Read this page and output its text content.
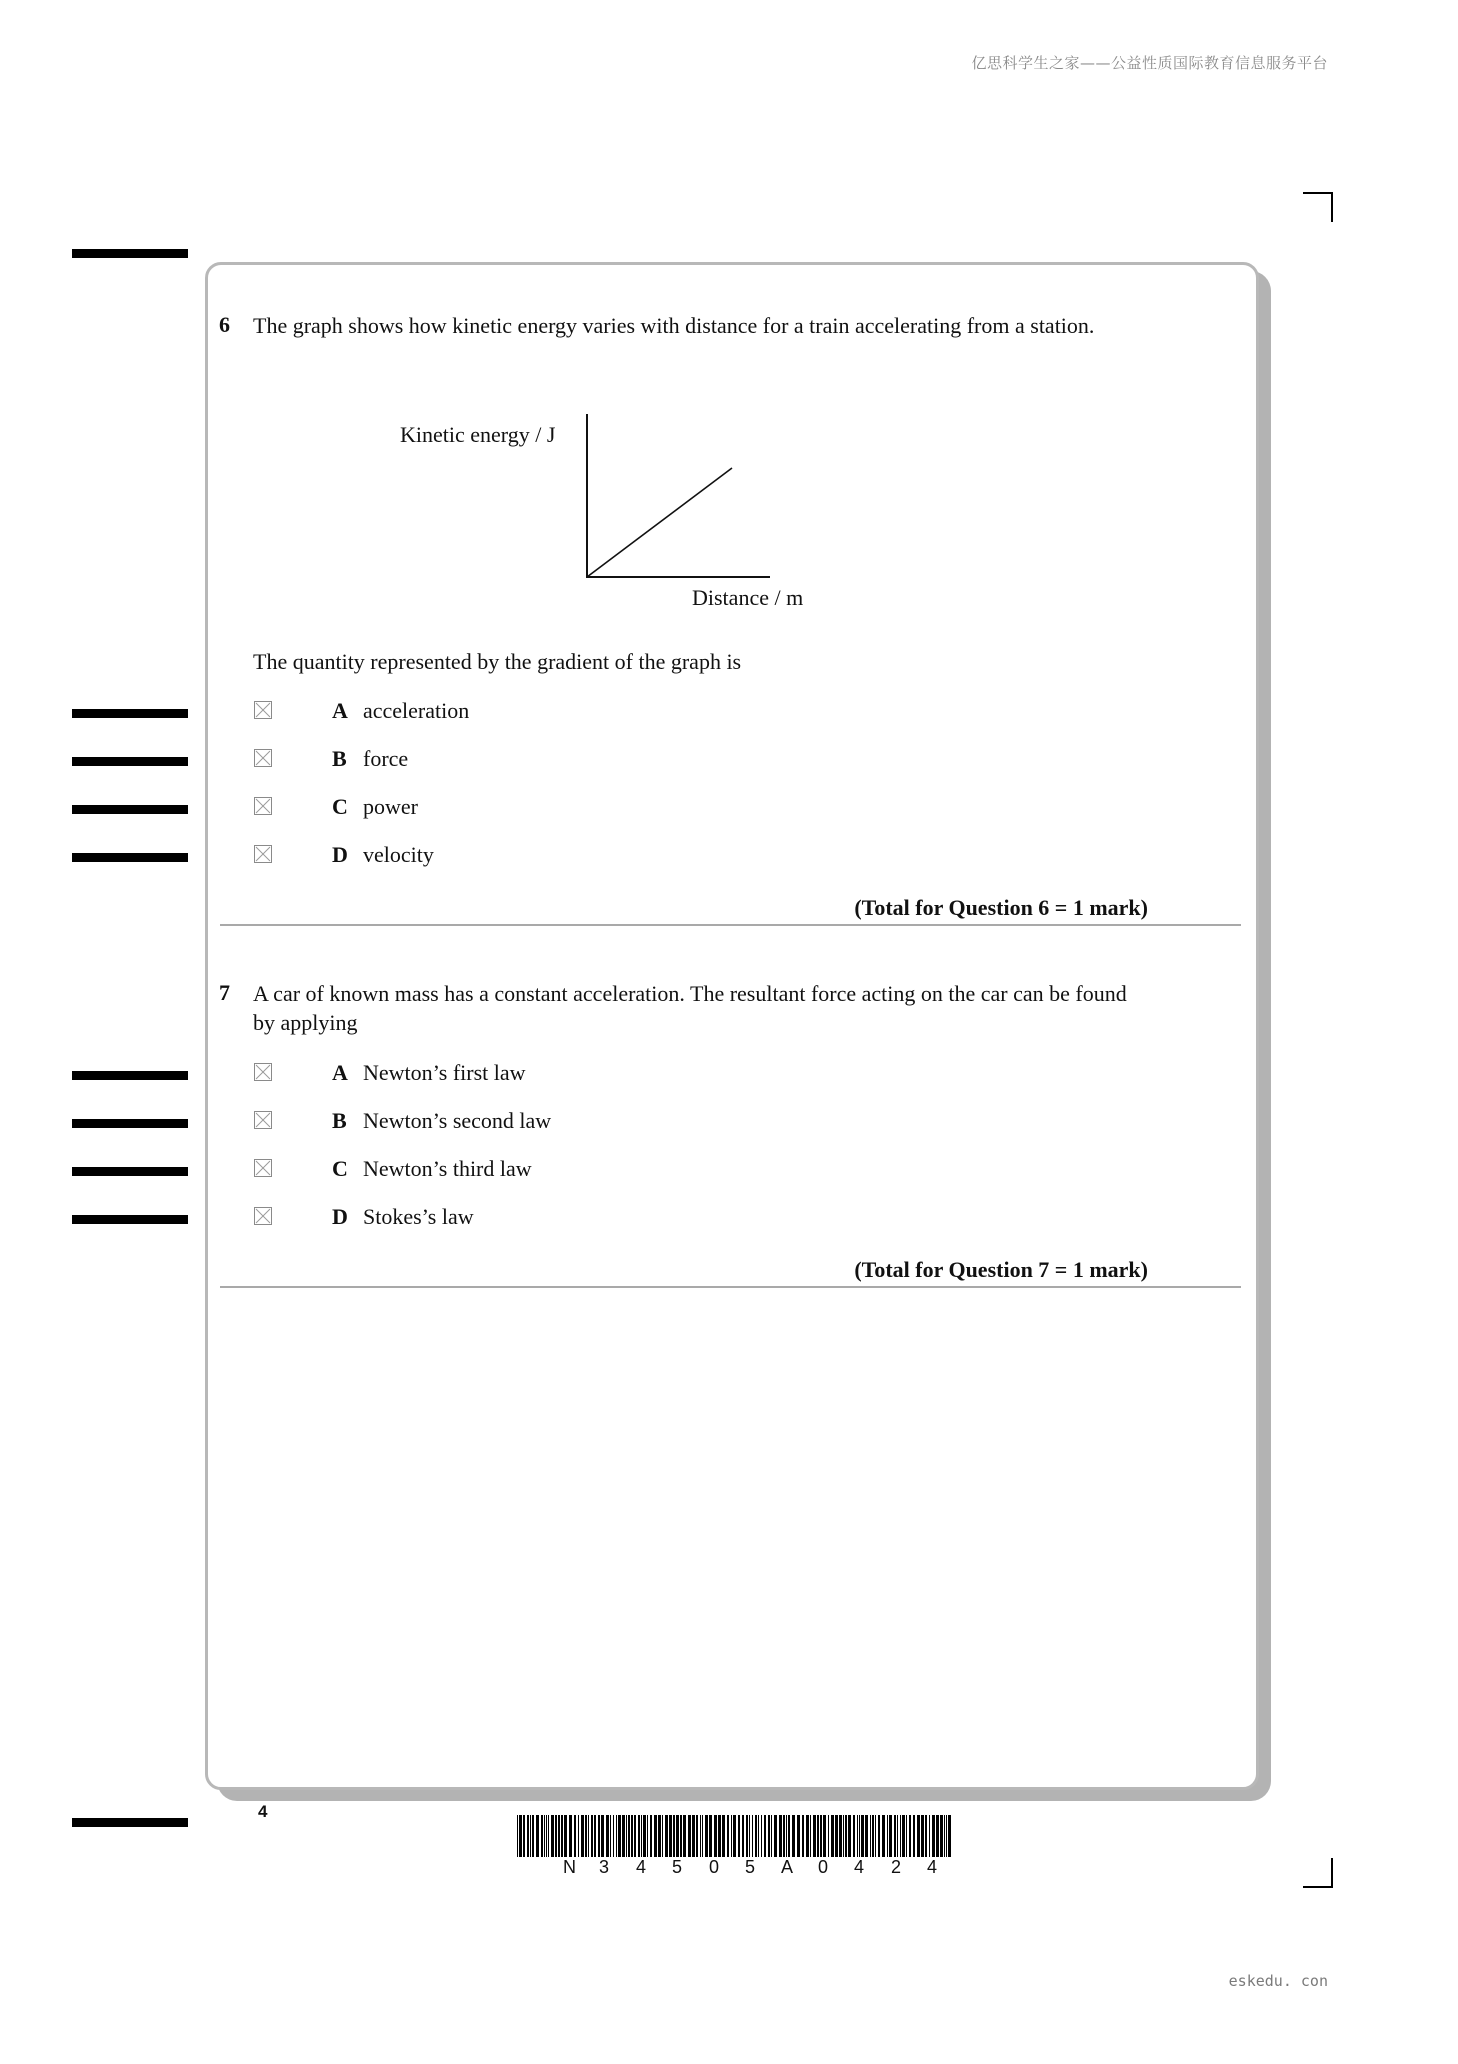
亿思科学生之家——公益性质国际教育信息服务平台
eskedu. con
6 The graph shows how kinetic energy varies with distance for a train accelerating from a station.
Kinetic energy / J
Distance / m
The quantity represented by the gradient of the graph is
A acceleration
B force
C power
D velocity
(Total for Question 6 = 1 mark)
7 A car of known mass has a constant acceleration. The resultant force acting on the car can be found by applying
A Newton’s first law
B Newton’s second law
C Newton’s third law
D Stokes’s law
(Total for Question 7 = 1 mark)
4
N 3 4 5 0 5 A 0 4 2 4
